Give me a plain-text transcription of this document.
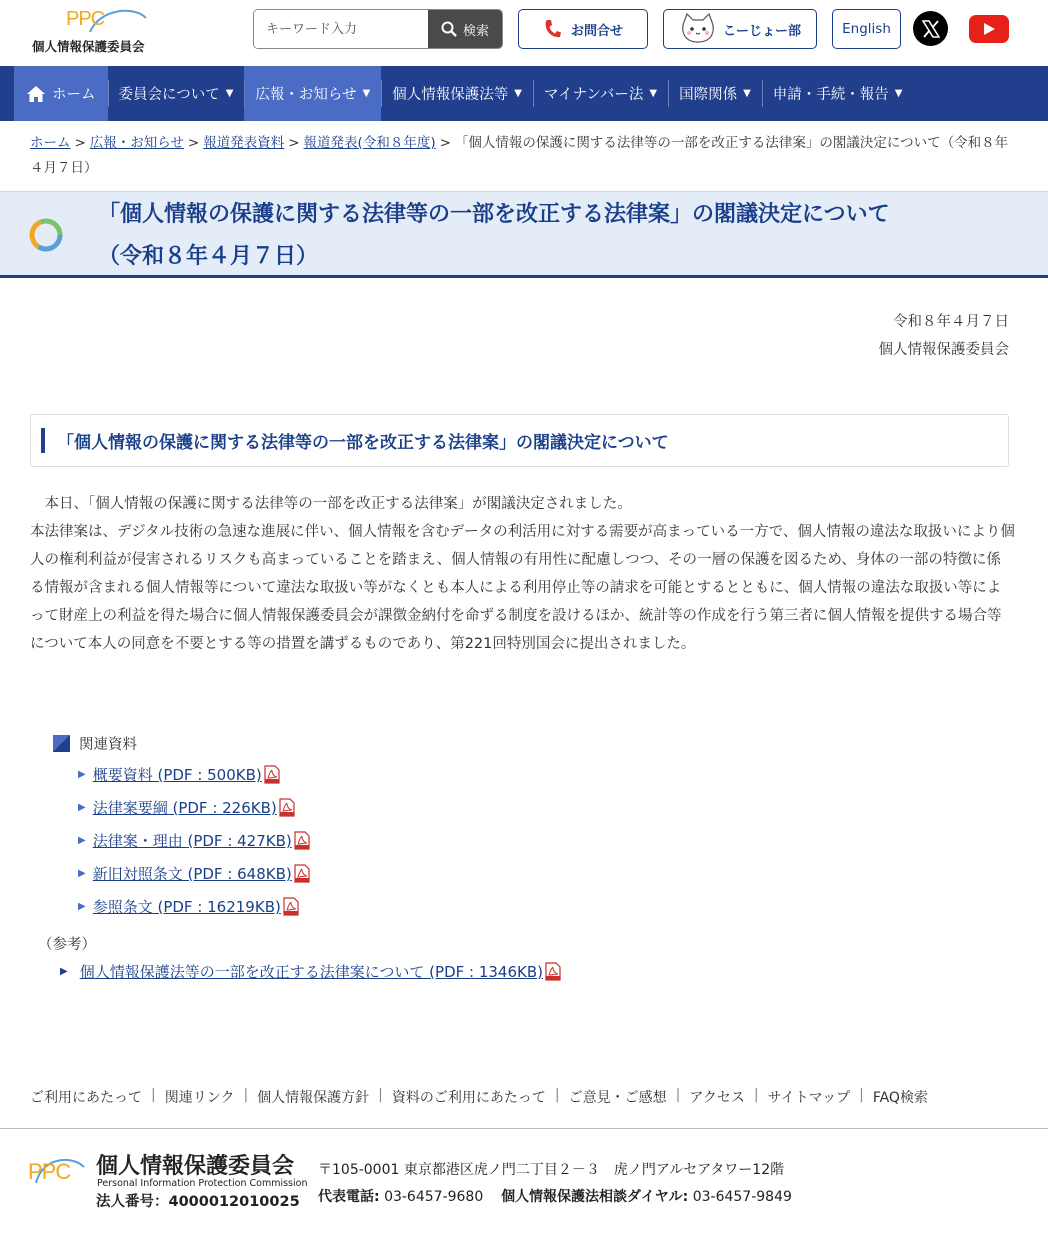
PPC
個人情報保護委員会
キーワード入力
検索	お問合せ	こーじょー部	English
ホーム 委員会について ▼ 広報・お知らせ ▼ 個人情報保護法等 ▼ マイナンバー法 ▼ 国際関係 ▼ 申請・手続・報告 ▼
ホーム > 広報・お知らせ > 報道発表資料 > 報道発表(令和８年度) > 「個人情報の保護に関する法律等の一部を改正する法律案」の閣議決定について（令和８年４月７日）
「個人情報の保護に関する法律等の一部を改正する法律案」の閣議決定について
（令和８年４月７日）
令和８年４月７日
個人情報保護委員会
「個人情報の保護に関する法律等の一部を改正する法律案」の閣議決定について

　本日、「個人情報の保護に関する法律等の一部を改正する法律案」が閣議決定されました。

本法律案は、デジタル技術の急速な進展に伴い、個人情報を含むデータの利活用に対する需要が高まっている一方で、個人情報の違法な取扱いにより個人の権利利益が侵害されるリスクも高まっていることを踏まえ、個人情報の有用性に配慮しつつ、その一層の保護を図るため、身体の一部の特徴に係る情報が含まれる個人情報等について違法な取扱い等がなくとも本人による利用停止等の請求を可能とするとともに、個人情報の違法な取扱い等によって財産上の利益を得た場合に個人情報保護委員会が課徴金納付を命ずる制度を設けるほか、統計等の作成を行う第三者に個人情報を提供する場合等について本人の同意を不要とする等の措置を講ずるものであり、第221回特別国会に提出されました。

関連資料
▶ 概要資料 (PDF : 500KB)
▶ 法律案要綱 (PDF : 226KB)
▶ 法律案・理由 (PDF : 427KB)
▶ 新旧対照条文 (PDF : 648KB)
▶ 参照条文 (PDF : 16219KB)
（参考）
▶ 個人情報保護法等の一部を改正する法律案について (PDF : 1346KB)
ご利用にあたって | 関連リンク | 個人情報保護方針 | 資料のご利用にあたって | ご意見・ご感想 | アクセス | サイトマップ | FAQ検索
PPC 個人情報保護委員会
Personal Information Protection Commission
法人番号：4000012010025
〒105-0001 東京都港区虎ノ門二丁目２－３　虎ノ門アルセアタワー12階
代表電話: 03-6457-9680 個人情報保護法相談ダイヤル: 03-6457-9849
